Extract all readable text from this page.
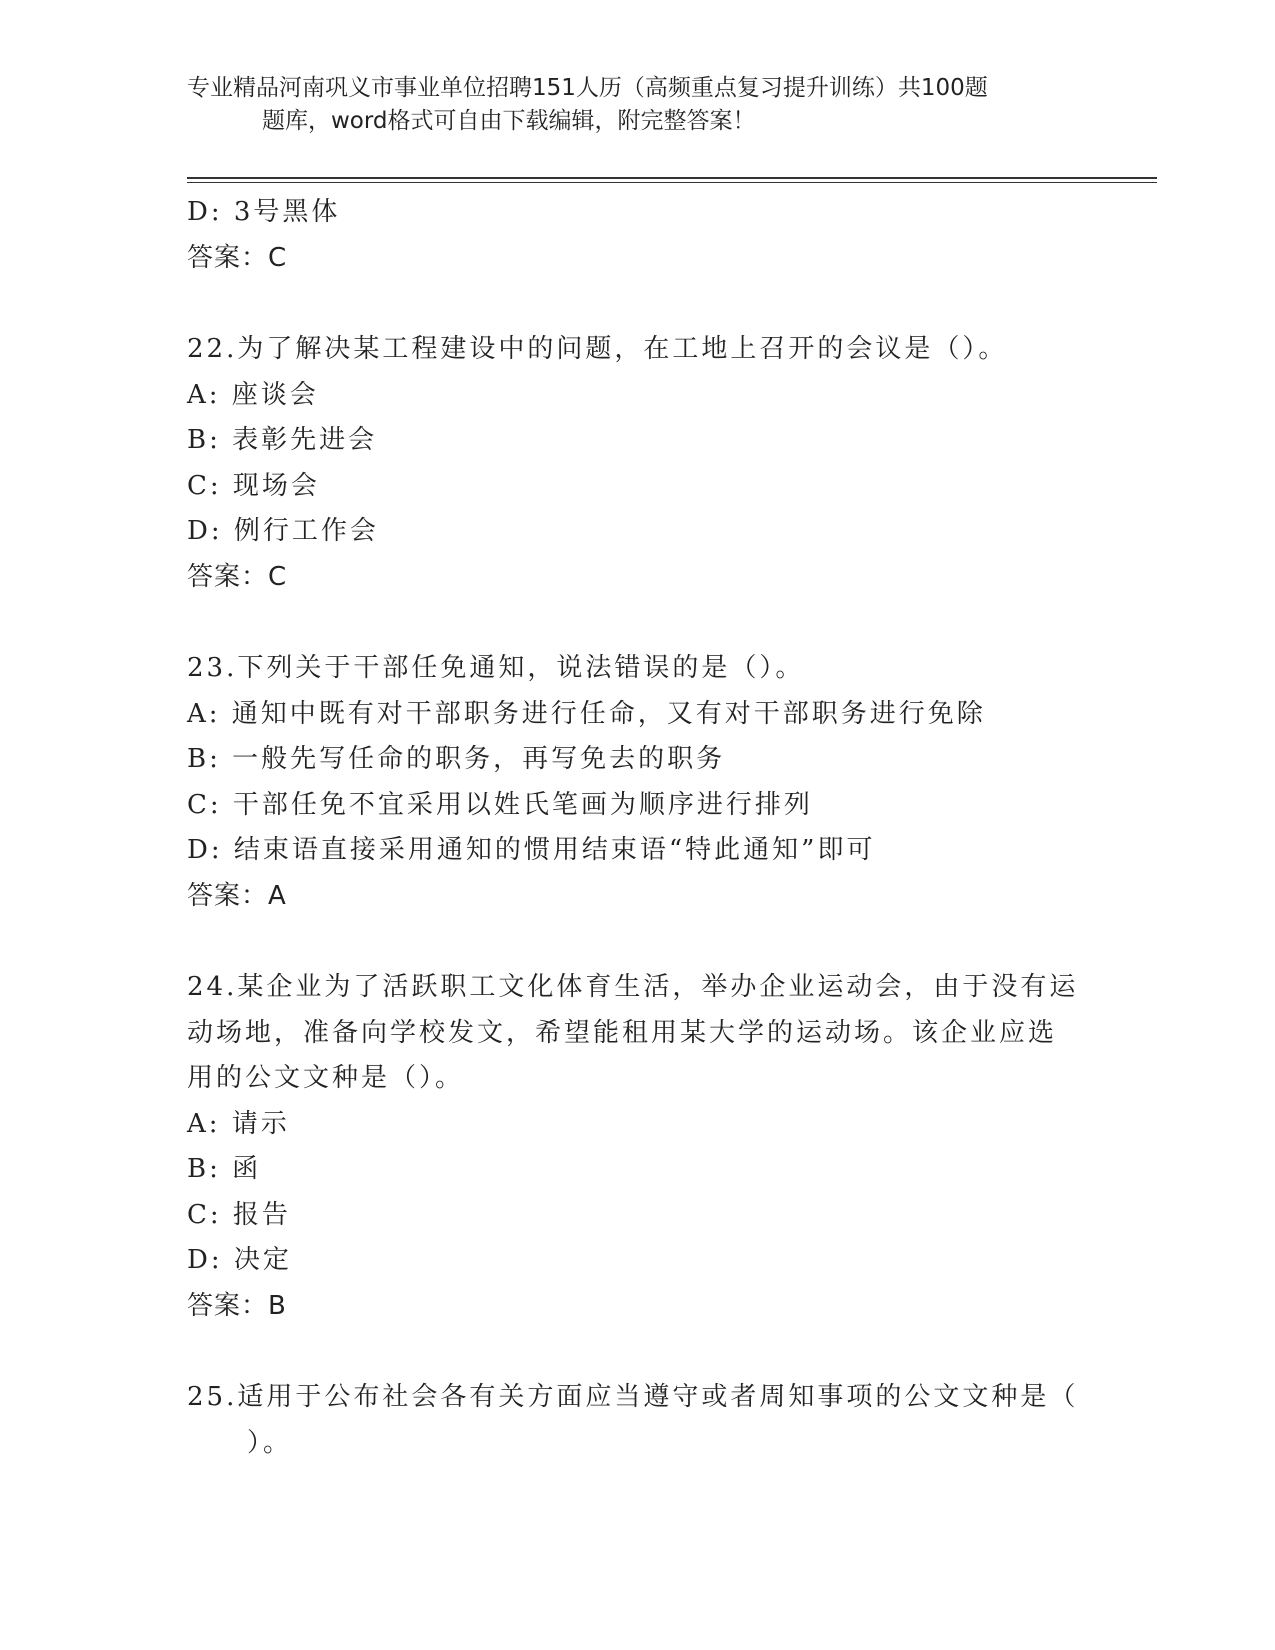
专业精品河南巩义市事业单位招聘151人历（高频重点复习提升训练）共100题
题库，word格式可自由下载编辑，附完整答案！
D: 3号黑体
答案：C
22.为了解决某工程建设中的问题，在工地上召开的会议是（）。
A: 座谈会
B: 表彰先进会
C: 现场会
D: 例行工作会
答案：C
23.下列关于干部任免通知，说法错误的是（）。
A: 通知中既有对干部职务进行任命，又有对干部职务进行免除
B: 一般先写任命的职务，再写免去的职务
C: 干部任免不宜采用以姓氏笔画为顺序进行排列
D: 结束语直接采用通知的惯用结束语“特此通知”即可
答案：A
24.某企业为了活跃职工文化体育生活，举办企业运动会，由于没有运
动场地，准备向学校发文，希望能租用某大学的运动场。该企业应选
用的公文文种是（）。
A: 请示
B: 函
C: 报告
D: 决定
答案：B
25.适用于公布社会各有关方面应当遵守或者周知事项的公文文种是（
）。
